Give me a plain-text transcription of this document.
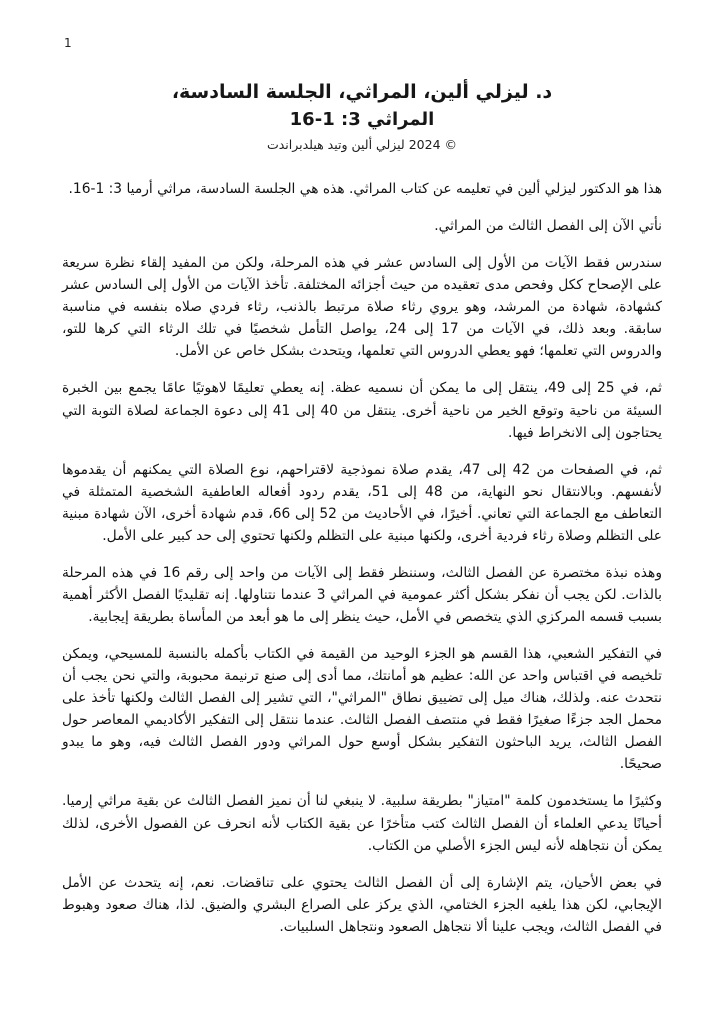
1
د. ليزلي ألين، المراثي، الجلسة السادسة،
المراثي 3: 1-16
© 2024 ليزلي ألين وتيد هيلدبراندت

هذا هو الدكتور ليزلي ألين في تعليمه عن كتاب المراثي. هذه هي الجلسة السادسة، مراثي أرميا 3: 1-16.

نأتي الآن إلى الفصل الثالث من المراثي.

سندرس فقط الآيات من الأول إلى السادس عشر في هذه المرحلة، ولكن من المفيد إلقاء نظرة سريعة على الإصحاح ككل وفحص مدى تعقيده من حيث أجزائه المختلفة. تأخذ الآيات من الأول إلى السادس عشر كشهادة، شهادة من المرشد، وهو يروي رثاء صلاة مرتبط بالذنب، رثاء فردي صلاه بنفسه في مناسبة سابقة. وبعد ذلك، في الآيات من 17 إلى 24، يواصل التأمل شخصيًا في تلك الرثاء التي كرها للتو، والدروس التي تعلمها؛ فهو يعطي الدروس التي تعلمها، ويتحدث بشكل خاص عن الأمل.

ثم، في 25 إلى 49، ينتقل إلى ما يمكن أن نسميه عظة. إنه يعطي تعليمًا لاهوتيًا عامًا يجمع بين الخبرة السيئة من ناحية وتوقع الخير من ناحية أخرى. ينتقل من 40 إلى 41 إلى دعوة الجماعة لصلاة التوبة التي يحتاجون إلى الانخراط فيها.

ثم، في الصفحات من 42 إلى 47، يقدم صلاة نموذجية لاقتراحهم، نوع الصلاة التي يمكنهم أن يقدموها لأنفسهم. وبالانتقال نحو النهاية، من 48 إلى 51، يقدم ردود أفعاله العاطفية الشخصية المتمثلة في التعاطف مع الجماعة التي تعاني. أخيرًا، في الأحاديث من 52 إلى 66، قدم شهادة أخرى، الآن شهادة مبنية على التظلم وصلاة رثاء فردية أخرى، ولكنها مبنية على التظلم ولكنها تحتوي إلى حد كبير على الأمل.

وهذه نبذة مختصرة عن الفصل الثالث، وسننظر فقط إلى الآيات من واحد إلى رقم 16 في هذه المرحلة بالذات. لكن يجب أن نفكر بشكل أكثر عمومية في المراثي 3 عندما نتناولها. إنه تقليديًا الفصل الأكثر أهمية بسبب قسمه المركزي الذي يتخصص في الأمل، حيث ينظر إلى ما هو أبعد من المأساة بطريقة إيجابية.

في التفكير الشعبي، هذا القسم هو الجزء الوحيد من القيمة في الكتاب بأكمله بالنسبة للمسيحي، ويمكن تلخيصه في اقتباس واحد عن الله: عظيم هو أمانتك، مما أدى إلى صنع ترنيمة محبوبة، والتي نحن يجب أن نتحدث عنه. ولذلك، هناك ميل إلى تضييق نطاق "المراثي"، التي تشير إلى الفصل الثالث ولكنها تأخذ على محمل الجد جزءًا صغيرًا فقط في منتصف الفصل الثالث. عندما ننتقل إلى التفكير الأكاديمي المعاصر حول الفصل الثالث، يريد الباحثون التفكير بشكل أوسع حول المراثي ودور الفصل الثالث فيه، وهو ما يبدو صحيحًا.

وكثيرًا ما يستخدمون كلمة "امتياز" بطريقة سلبية. لا ينبغي لنا أن نميز الفصل الثالث عن بقية مراثي إرميا. أحيانًا يدعي العلماء أن الفصل الثالث كتب متأخرًا عن بقية الكتاب لأنه انحرف عن الفصول الأخرى، لذلك يمكن أن نتجاهله لأنه ليس الجزء الأصلي من الكتاب.

في بعض الأحيان، يتم الإشارة إلى أن الفصل الثالث يحتوي على تناقضات. نعم، إنه يتحدث عن الأمل الإيجابي، لكن هذا يلغيه الجزء الختامي، الذي يركز على الصراع البشري والضيق. لذا، هناك صعود وهبوط في الفصل الثالث، ويجب علينا ألا نتجاهل الصعود ونتجاهل السلبيات.
